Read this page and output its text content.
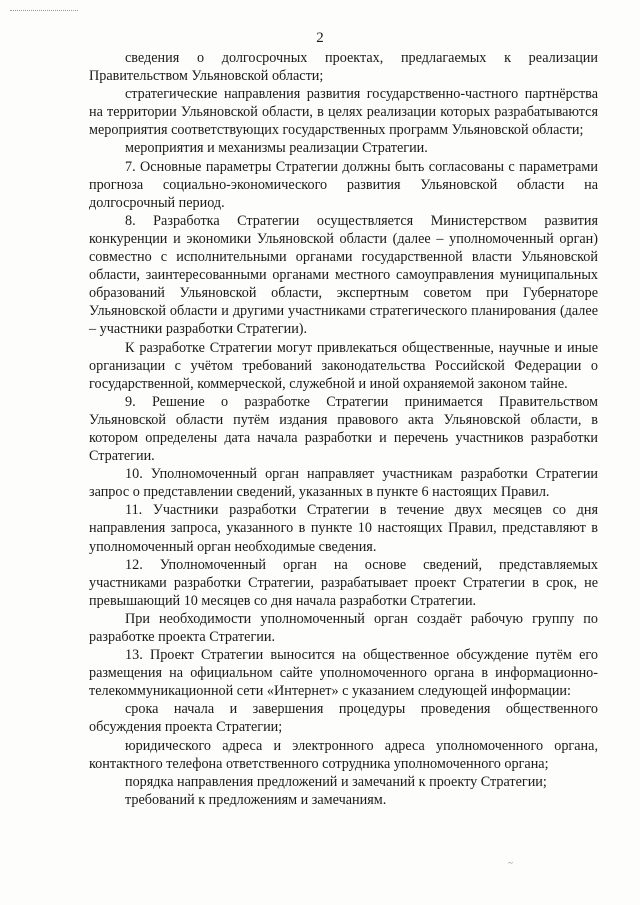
2

сведения о долгосрочных проектах, предлагаемых к реализации Правительством Ульяновской области;

стратегические направления развития государственно-частного партнёрства на территории Ульяновской области, в целях реализации которых разрабатываются мероприятия соответствующих государственных программ Ульяновской области;

мероприятия и механизмы реализации Стратегии.

7. Основные параметры Стратегии должны быть согласованы с параметрами прогноза социально-экономического развития Ульяновской области на долгосрочный период.

8. Разработка Стратегии осуществляется Министерством развития конкуренции и экономики Ульяновской области (далее – уполномоченный орган) совместно с исполнительными органами государственной власти Ульяновской области, заинтересованными органами местного самоуправления муниципальных образований Ульяновской области, экспертным советом при Губернаторе Ульяновской области и другими участниками стратегического планирования (далее – участники разработки Стратегии).

К разработке Стратегии могут привлекаться общественные, научные и иные организации с учётом требований законодательства Российской Федерации о государственной, коммерческой, служебной и иной охраняемой законом тайне.

9. Решение о разработке Стратегии принимается Правительством Ульяновской области путём издания правового акта Ульяновской области, в котором определены дата начала разработки и перечень участников разработки Стратегии.

10. Уполномоченный орган направляет участникам разработки Стратегии запрос о представлении сведений, указанных в пункте 6 настоящих Правил.

11. Участники разработки Стратегии в течение двух месяцев со дня направления запроса, указанного в пункте 10 настоящих Правил, представляют в уполномоченный орган необходимые сведения.

12. Уполномоченный орган на основе сведений, представляемых участниками разработки Стратегии, разрабатывает проект Стратегии в срок, не превышающий 10 месяцев со дня начала разработки Стратегии.

При необходимости уполномоченный орган создаёт рабочую группу по разработке проекта Стратегии.

13. Проект Стратегии выносится на общественное обсуждение путём его размещения на официальном сайте уполномоченного органа в информационно-телекоммуникационной сети «Интернет» с указанием следующей информации:

срока начала и завершения процедуры проведения общественного обсуждения проекта Стратегии;

юридического адреса и электронного адреса уполномоченного органа, контактного телефона ответственного сотрудника уполномоченного органа;

порядка направления предложений и замечаний к проекту Стратегии;

требований к предложениям и замечаниям.

~
